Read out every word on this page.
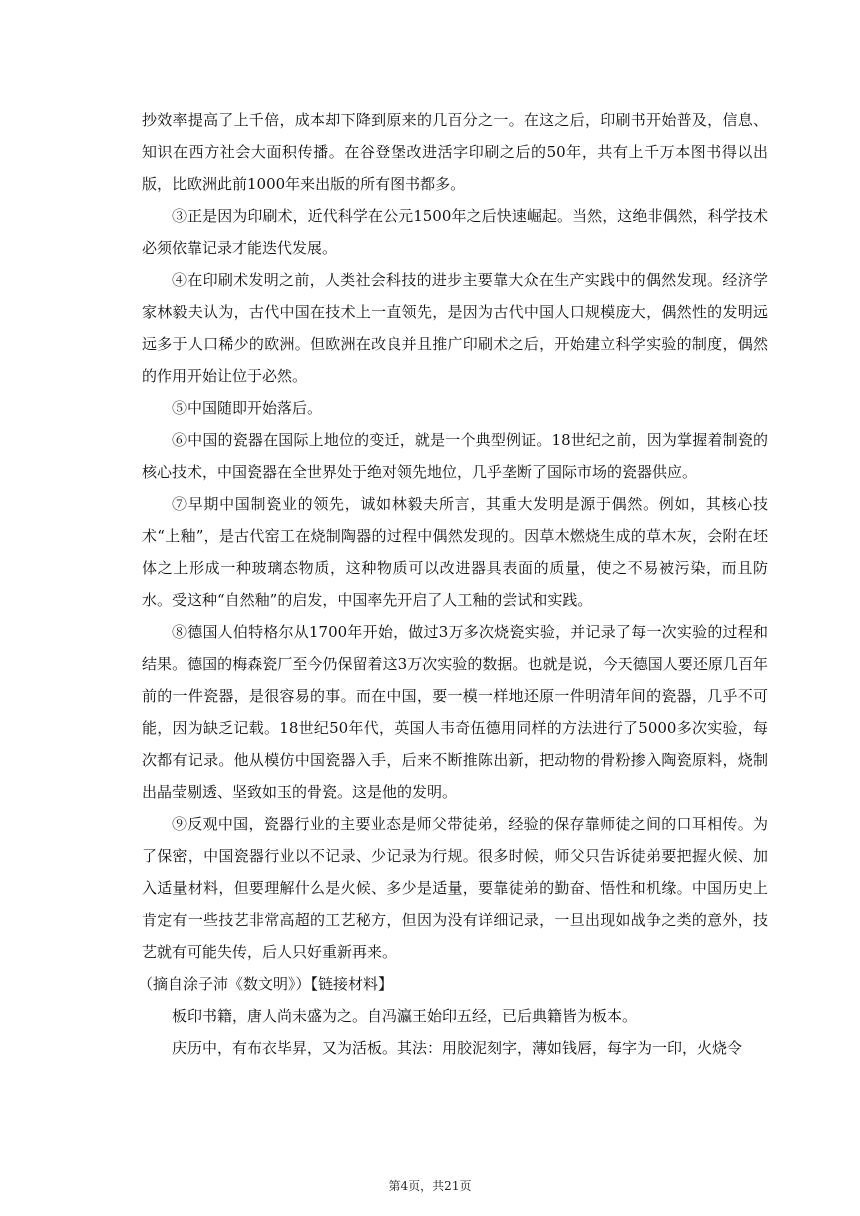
抄效率提高了上千倍，成本却下降到原来的几百分之一。在这之后，印刷书开始普及，信息、知识在西方社会大面积传播。在谷登堡改进活字印刷之后的50年，共有上千万本图书得以出版，比欧洲此前1000年来出版的所有图书都多。

③正是因为印刷术，近代科学在公元1500年之后快速崛起。当然，这绝非偶然，科学技术必须依靠记录才能迭代发展。

④在印刷术发明之前，人类社会科技的进步主要靠大众在生产实践中的偶然发现。经济学家林毅夫认为，古代中国在技术上一直领先，是因为古代中国人口规模庞大，偶然性的发明远远多于人口稀少的欧洲。但欧洲在改良并且推广印刷术之后，开始建立科学实验的制度，偶然的作用开始让位于必然。

⑤中国随即开始落后。

⑥中国的瓷器在国际上地位的变迁，就是一个典型例证。18世纪之前，因为掌握着制瓷的核心技术，中国瓷器在全世界处于绝对领先地位，几乎垄断了国际市场的瓷器供应。

⑦早期中国制瓷业的领先，诚如林毅夫所言，其重大发明是源于偶然。例如，其核心技术“上釉”，是古代窑工在烧制陶器的过程中偶然发现的。因草木燃烧生成的草木灰，会附在坯体之上形成一种玻璃态物质，这种物质可以改进器具表面的质量，使之不易被污染，而且防水。受这种“自然釉”的启发，中国率先开启了人工釉的尝试和实践。

⑧德国人伯特格尔从1700年开始，做过3万多次烧瓷实验，并记录了每一次实验的过程和结果。德国的梅森瓷厂至今仍保留着这3万次实验的数据。也就是说，今天德国人要还原几百年前的一件瓷器，是很容易的事。而在中国，要一模一样地还原一件明清年间的瓷器，几乎不可能，因为缺乏记载。18世纪50年代，英国人韦奇伍德用同样的方法进行了5000多次实验，每次都有记录。他从模仿中国瓷器入手，后来不断推陈出新，把动物的骨粉掺入陶瓷原料，烧制出晶莹剔透、坚致如玉的骨瓷。这是他的发明。

⑨反观中国，瓷器行业的主要业态是师父带徒弟，经验的保存靠师徒之间的口耳相传。为了保密，中国瓷器行业以不记录、少记录为行规。很多时候，师父只告诉徒弟要把握火候、加入适量材料，但要理解什么是火候、多少是适量，要靠徒弟的勤奋、悟性和机缘。中国历史上肯定有一些技艺非常高超的工艺秘方，但因为没有详细记录，一旦出现如战争之类的意外，技艺就有可能失传，后人只好重新再来。

（摘自涂子沛《数文明》）【链接材料】

板印书籍，唐人尚未盛为之。自冯瀛王始印五经，已后典籍皆为板本。

庆历中，有布衣毕昇，又为活板。其法：用胶泥刻字，薄如钱唇，每字为一印，火烧令

第4页，共21页
